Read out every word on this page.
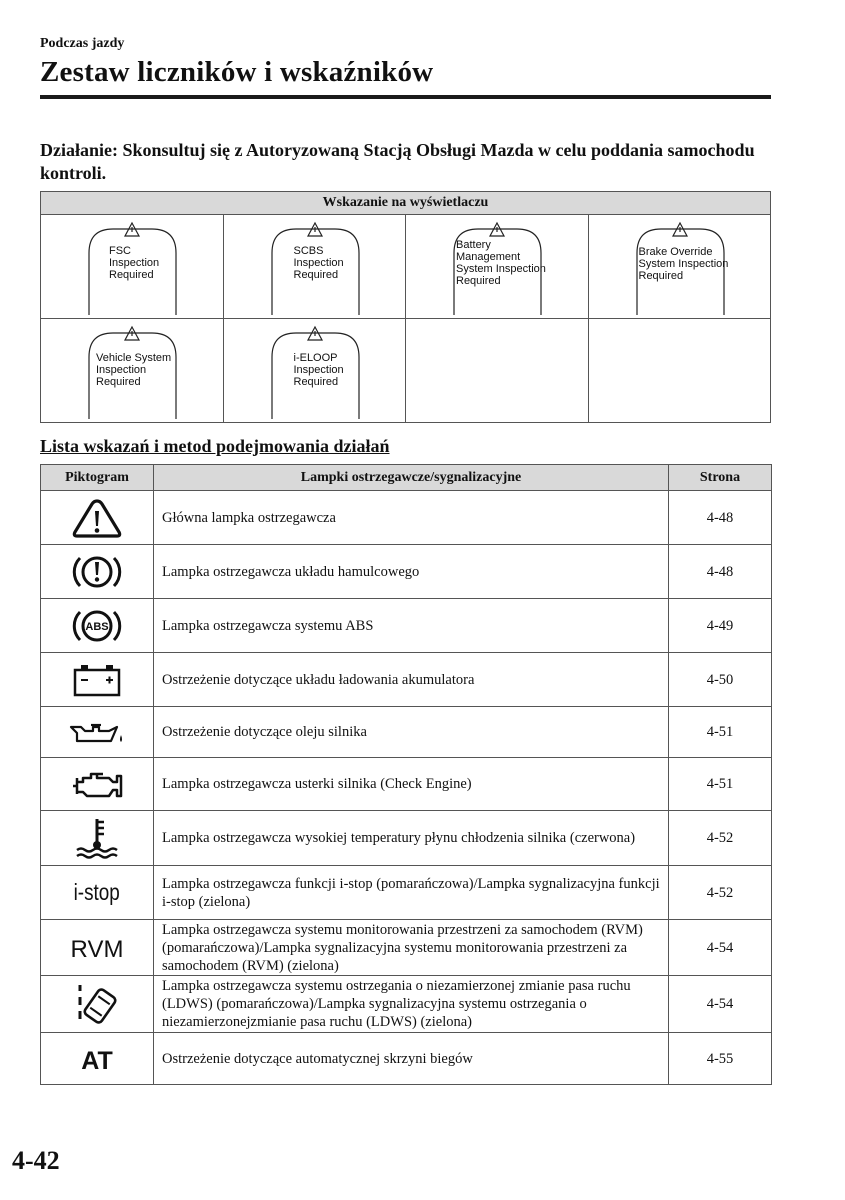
Podczas jazdy
Zestaw liczników i wskaźników
Działanie: Skonsultuj się z Autoryzowaną Stacją Obsługi Mazda w celu poddania samochodu kontroli.
Wskazanie na wyświetlaczu			

FSC
Inspection
Required	SCBS
Inspection
Required	Battery
Management
System Inspection
Required	Brake Override
System Inspection
Required

Vehicle System
Inspection
Required	i-ELOOP
Inspection
Required		

Lista wskazań i metod podejmowania działań
Piktogram	Lampki ostrzegawcze/sygnalizacyjne	Strona

	Główna lampka ostrzegawcza	4-48

	Lampka ostrzegawcza układu hamulcowego	4-48

ABS	Lampka ostrzegawcza systemu ABS	4-49

	Ostrzeżenie dotyczące układu ładowania akumulatora	4-50

	Ostrzeżenie dotyczące oleju silnika	4-51

	Lampka ostrzegawcza usterki silnika (Check Engine)	4-51

	Lampka ostrzegawcza wysokiej temperatury płynu chłodzenia silnika (czerwona)	4-52

i-stop	Lampka ostrzegawcza funkcji i-stop (pomarańczowa)/Lampka sygnalizacyjna funkcji i-stop (zielona)	4-52

RVM	Lampka ostrzegawcza systemu monitorowania przestrzeni za samochodem (RVM) (pomarańczowa)/Lampka sygnalizacyjna systemu monitorowania przestrzeni za samochodem (RVM) (zielona)	4-54

	Lampka ostrzegawcza systemu ostrzegania o niezamierzonej zmianie pasa ruchu (LDWS) (pomarańczowa)/Lampka sygnalizacyjna systemu ostrzegania o niezamierzonejzmianie pasa ruchu (LDWS) (zielona)	4-54

AT	Ostrzeżenie dotyczące automatycznej skrzyni biegów	4-55
4-42
